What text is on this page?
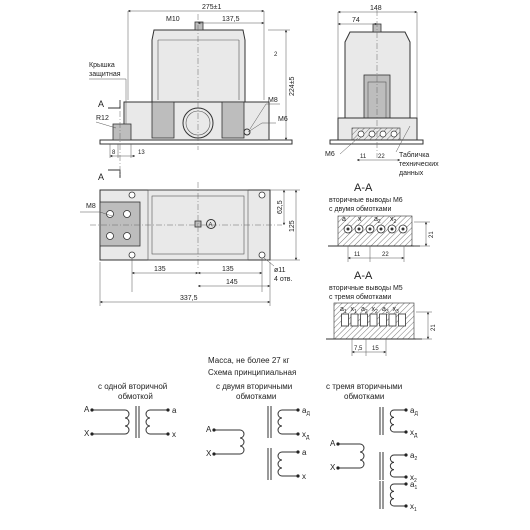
275±1
137,5
М10
224±5
2
Крышка
защитная
М8
М6
R12
А
А
8	13
148
74
М6	11 22 Табличка
технических
данных
А
М8	62,5
125
135	135
145
337,5
ø11
4 отв.
А-А
вторичные выводы М6
с двумя обмотками
a x $a_2$ $x_2$
21
11	22
А-А
вторичные выводы М5
с тремя обмотками
$a_1$ $x_1$ $a_2$ $x_2$ $a_3$ $x_3$
21
7,5 15
Масса, не более 27 кг
Схема принципиальная
с одной вторичной
обмоткой
А
Х
а
х
с двумя вторичными
обмотками
А
Х
$а_Д$
$х_Д$
а
х
с тремя вторичными
обмотками
А
Х
$а_Д$
$х_Д$
$а_2$
$х_2$
$а_1$
$х_1$
